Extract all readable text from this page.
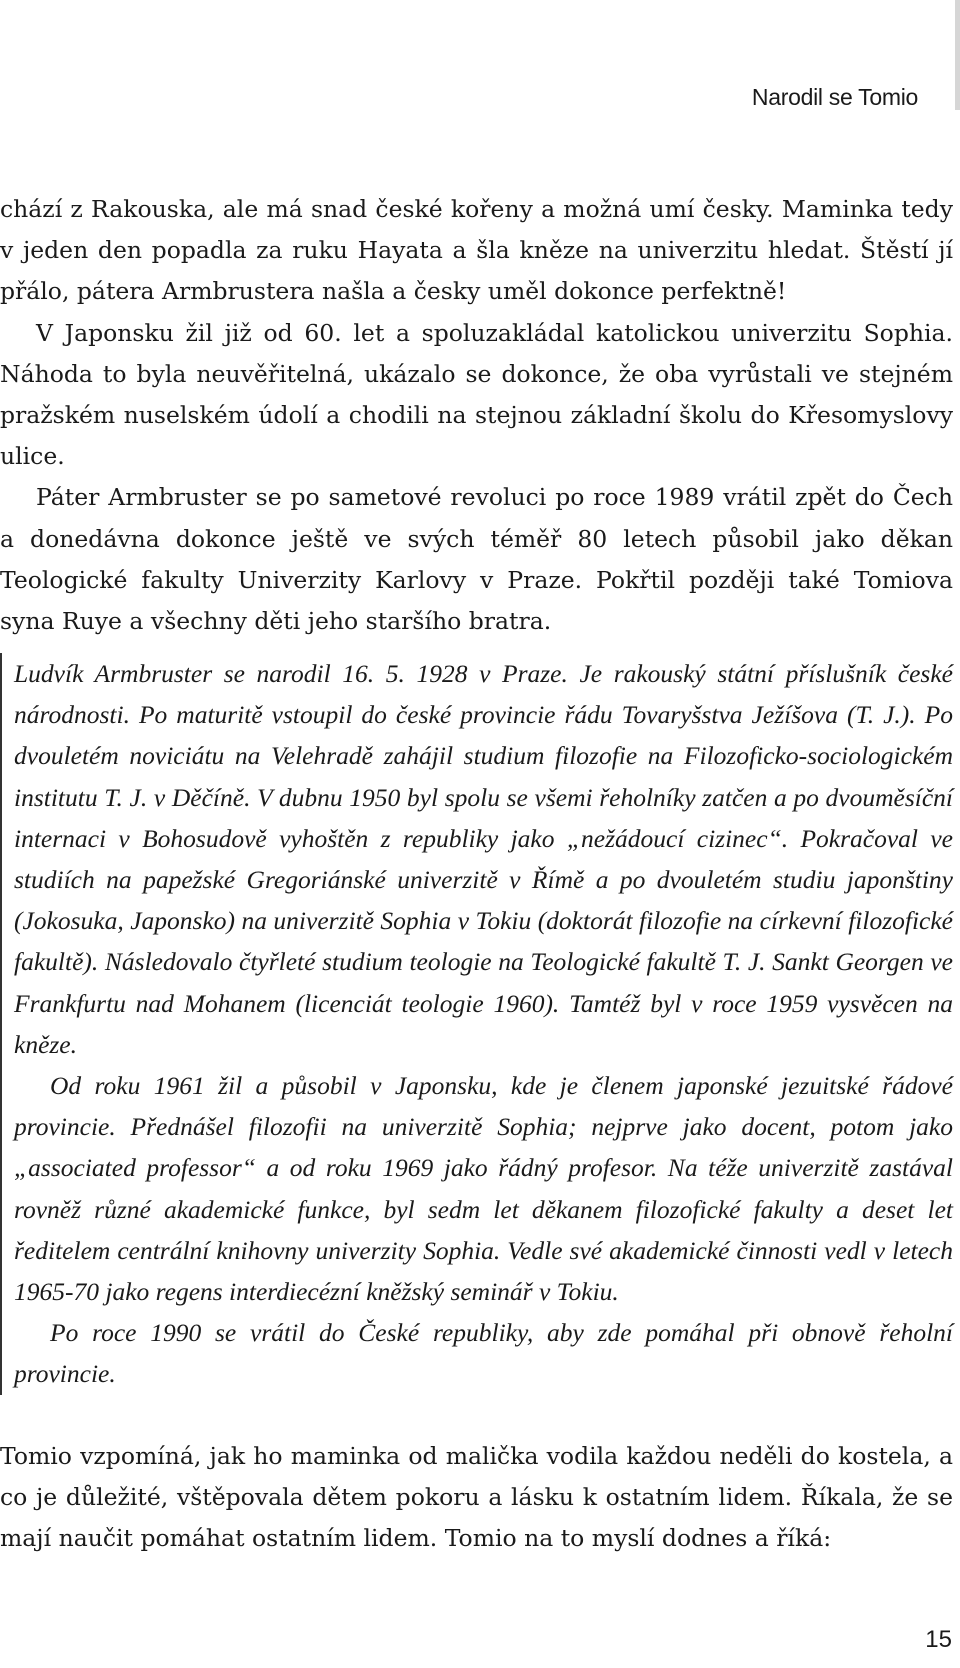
Narodil se Tomio

chází z Rakouska, ale má snad české kořeny a možná umí česky. Maminka tedy v jeden den popadla za ruku Hayata a šla kněze na univerzitu hledat. Štěstí jí přálo, pátera Armbrustera našla a česky uměl dokonce perfektně!

V Japonsku žil již od 60. let a spoluzakládal katolickou univerzitu Sophia. Náhoda to byla neuvěřitelná, ukázalo se dokonce, že oba vyrůstali ve stejném pražském nuselském údolí a chodili na stejnou základní školu do Křesomyslovy ulice.

Páter Armbruster se po sametové revoluci po roce 1989 vrátil zpět do Čech a donedávna dokonce ještě ve svých téměř 80 letech působil jako děkan Teologické fakulty Univerzity Karlovy v Praze. Pokřtil později také Tomiova syna Ruye a všechny děti jeho staršího bratra.

Ludvík Armbruster se narodil 16. 5. 1928 v Praze. Je rakouský státní příslušník české národnosti. Po maturitě vstoupil do české provincie řádu Tovaryšstva Ježíšova (T. J.). Po dvouletém noviciátu na Velehradě zahájil studium filozofie na Filozoficko-sociologickém institutu T. J. v Děčíně. V dubnu 1950 byl spolu se všemi řeholníky zatčen a po dvouměsíční internaci v Bohosudově vyhoštěn z republiky jako „nežádoucí cizinec“. Pokračoval ve studiích na papežské Gregoriánské univerzitě v Římě a po dvouletém studiu japonštiny (Jokosuka, Japonsko) na univerzitě Sophia v Tokiu (doktorát filozofie na církevní filozofické fakultě). Následovalo čtyřleté studium teologie na Teologické fakultě T. J. Sankt Georgen ve Frankfurtu nad Mohanem (licenciát teologie 1960). Tamtéž byl v roce 1959 vysvěcen na kněze.

Od roku 1961 žil a působil v Japonsku, kde je členem japonské jezuitské řádové provincie. Přednášel filozofii na univerzitě Sophia; nejprve jako docent, potom jako „associated professor“ a od roku 1969 jako řádný profesor. Na téže univerzitě zastával rovněž různé akademické funkce, byl sedm let děkanem filozofické fakulty a deset let ředitelem centrální knihovny univerzity Sophia. Vedle své akademické činnosti vedl v letech 1965-70 jako regens interdiecézní kněžský seminář v Tokiu.

Po roce 1990 se vrátil do České republiky, aby zde pomáhal při obnově řeholní provincie.

Tomio vzpomíná, jak ho maminka od malička vodila každou neděli do kostela, a co je důležité, vštěpovala dětem pokoru a lásku k ostatním lidem. Říkala, že se mají naučit pomáhat ostatním lidem. Tomio na to myslí dodnes a říká:

15
